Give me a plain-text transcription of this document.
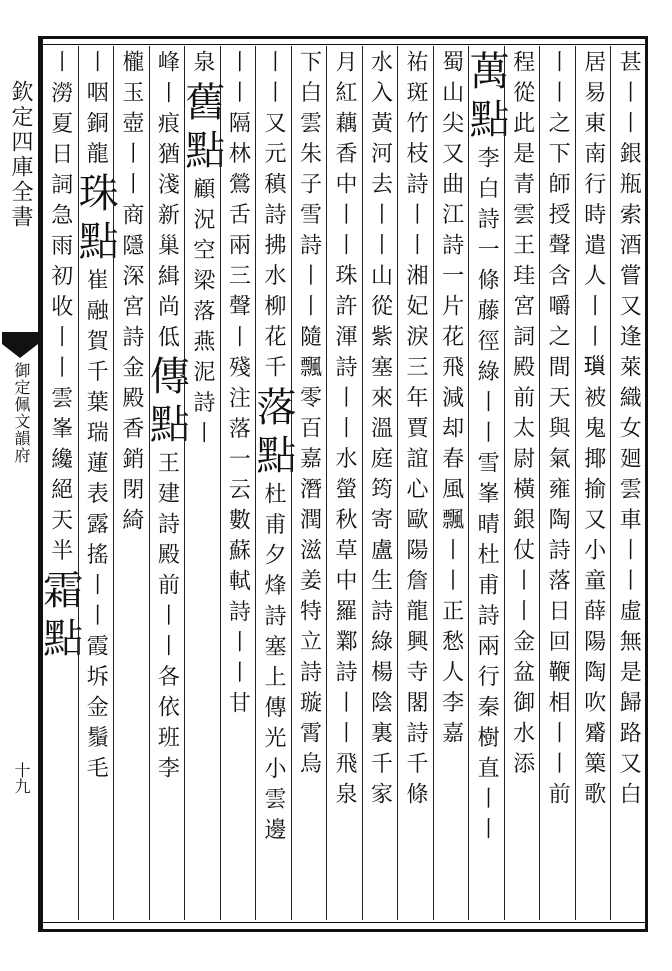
欽定四庫全書
御定佩文韻府
十九	甚丨丨銀瓶索酒嘗又逢萊織女廻雲車丨丨虛無是歸路又白
居易東南行時遣人丨丨𤨏被鬼揶揄又小童薛陽陶吹觱篥歌
丨丨之下師授聲含嚼之間天與氣雍陶詩落日回鞭相丨丨前
程從此是青雲王珪宮詞殿前太尉橫銀仗丨丨金盆御水添
萬點
李白詩一條藤徑綠丨丨雪峯晴杜甫詩兩行秦樹直丨丨
蜀山尖又曲江詩一片花飛減却春風飄丨丨正愁人李嘉
祐斑竹枝詩丨丨湘妃淚三年賈誼心歐陽詹龍興寺閣詩千條
水入黃河去丨丨山從紫塞來溫庭筠寄盧生詩綠楊陰裏千家
月紅藕香中丨丨珠許渾詩丨丨水螢秋草中羅鄴詩丨丨飛泉
下白雲朱子雪詩丨丨隨飄零百嘉潛潤滋姜特立詩璇霄烏
丨丨又元稹詩拂水柳花千
落點
杜甫夕烽詩塞上傳光小雲邊
丨丨隔林鶯舌兩三聲
丨殘注落一云數蘇軾詩丨丨甘
泉
舊點
顧況空梁落燕泥詩丨
峰
丨痕猶淺新巢緝尚低
傳點
王建詩殿前丨丨各依班李
櫳玉壺丨丨
商隱深宮詩金殿香銷閉綺
丨咽銅龍
珠點
崔融賀千葉瑞蓮表露搖丨丨霞坼金鬚毛
丨
澇夏日詞急雨初收丨丨雲峯纔絕天半
霜點
